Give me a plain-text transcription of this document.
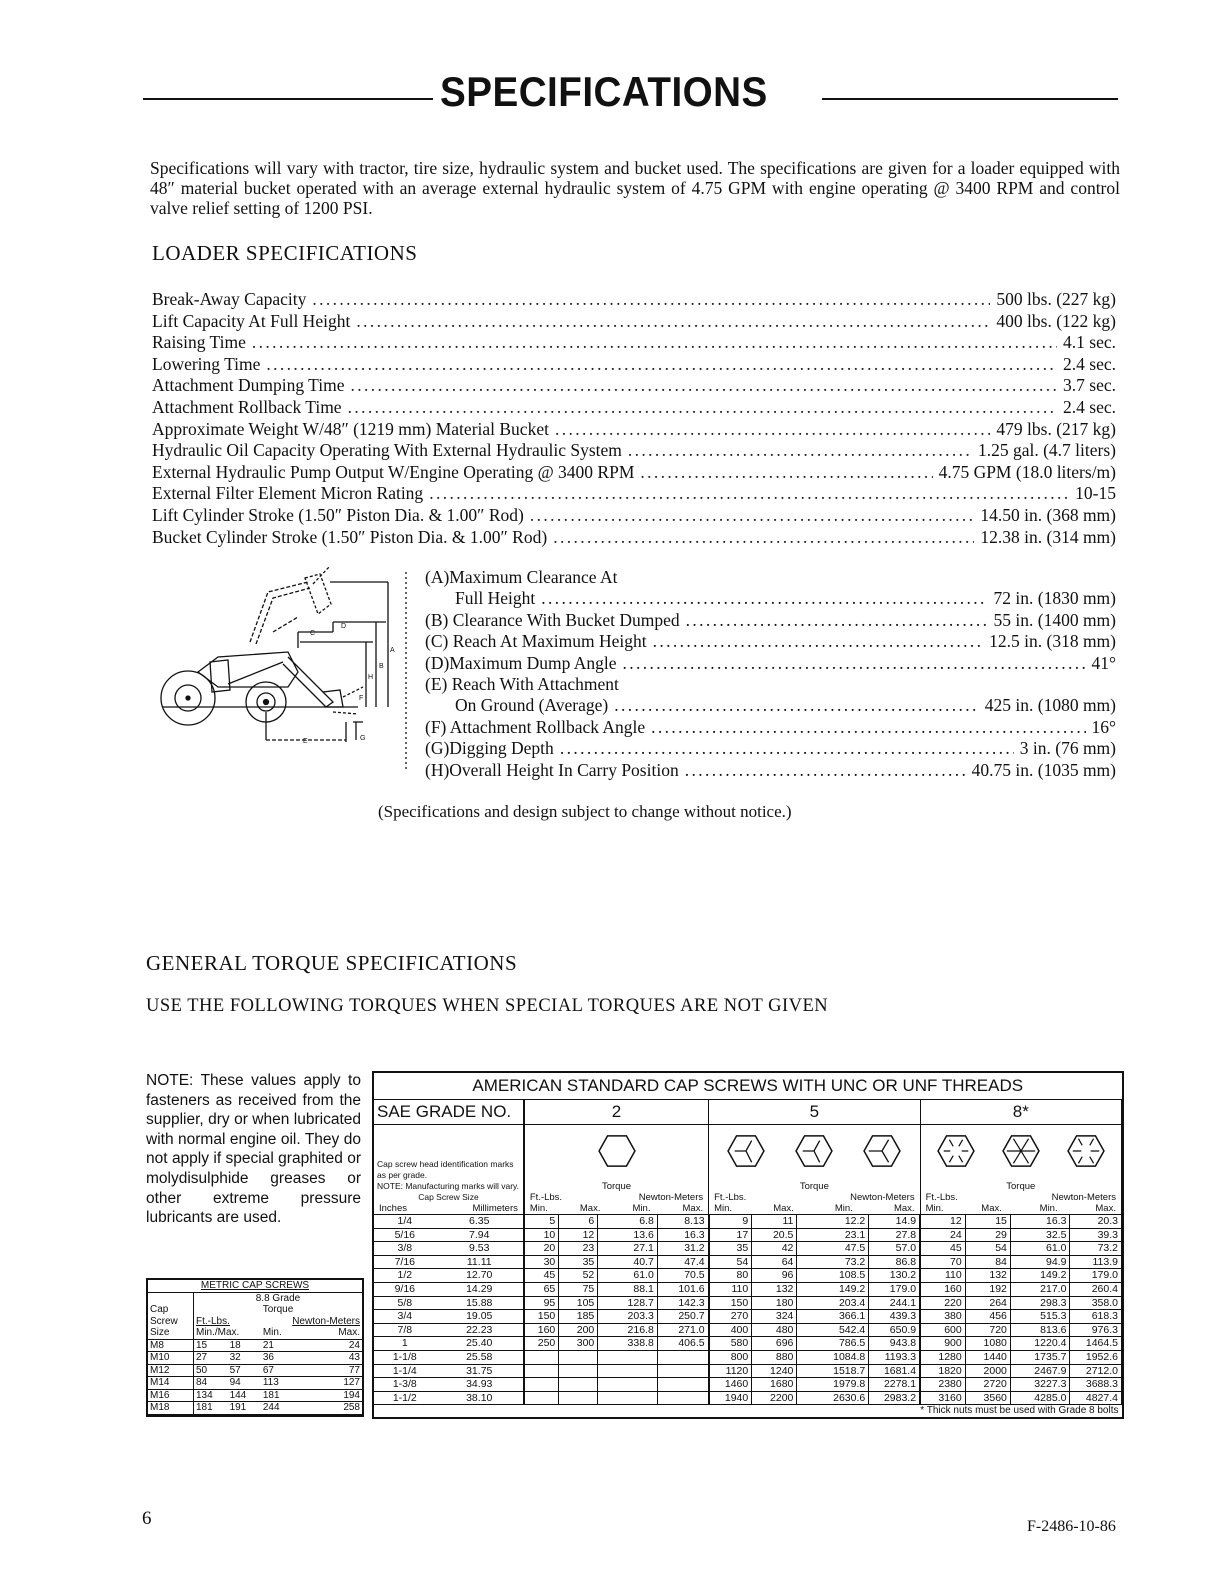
SPECIFICATIONS
Specifications will vary with tractor, tire size, hydraulic system and bucket used. The specifications are given for a loader equipped with 48″ material bucket operated with an average external hydraulic system of 4.75 GPM with engine operating @ 3400 RPM and control valve relief setting of 1200 PSI.
LOADER SPECIFICATIONS
Break-Away Capacity . . .	500 lbs. (227 kg)
Lift Capacity At Full Height . . .	400 lbs. (122 kg)
Raising Time . . .	4.1 sec.
Lowering Time . . .	2.4 sec.
Attachment Dumping Time . . .	3.7 sec.
Attachment Rollback Time . . .	2.4 sec.
Approximate Weight W/48″ (1219 mm) Material Bucket . . .	479 lbs. (217 kg)
Hydraulic Oil Capacity Operating With External Hydraulic System . . .	1.25 gal. (4.7 liters)
External Hydraulic Pump Output W/Engine Operating @ 3400 RPM . . .	4.75 GPM (18.0 liters/m)
External Filter Element Micron Rating . . .	10-15
Lift Cylinder Stroke (1.50″ Piston Dia. & 1.00″ Rod) . . .	14.50 in. (368 mm)
Bucket Cylinder Stroke (1.50″ Piston Dia. & 1.00″ Rod) . . .	12.38 in. (314 mm)
A
B
C
D
E
F
G
H
(A)Maximum Clearance At
Full Height . . .	72 in. (1830 mm)
(B) Clearance With Bucket Dumped . . .	55 in. (1400 mm)
(C) Reach At Maximum Height . . .	12.5 in. (318 mm)
(D)Maximum Dump Angle . . .	41°
(E) Reach With Attachment
On Ground (Average) . . .	425 in. (1080 mm)
(F) Attachment Rollback Angle . . .	16°
(G)Digging Depth . . .	3 in. (76 mm)
(H)Overall Height In Carry Position . . .	40.75 in. (1035 mm)
(Specifications and design subject to change without notice.)
GENERAL TORQUE SPECIFICATIONS
USE THE FOLLOWING TORQUES WHEN SPECIAL TORQUES ARE NOT GIVEN
NOTE: These values apply to fasteners as received from the supplier, dry or when lubricated with normal engine oil. They do not apply if special graphited or molydisulphide greases or other extreme pressure lubricants are used.
METRIC CAP SCREWS				
	8.8 Grade			
Cap	Torque			
Screw	Ft.-Lbs.		Newton-Meters	
Size	Min./Max.		Min.	Max.
M8	15	18	21	24
M10	27	32	36	43
M12	50	57	67	77
M14	84	94	113	127
M16	134	144	181	194
M18	181	191	244	258
AMERICAN STANDARD CAP SCREWS WITH UNC OR UNF THREADS													
SAE GRADE NO.		2				5				8*			

Cap screw head identification marks as per grade.
NOTE: Manufacturing marks will vary.
Cap Screw Size
Inches	Millimeters

Torque
Ft.-Lbs.	Newton-Meters
Min.	Max.	Min.	Max.

Torque
Ft.-Lbs.	Newton-Meters
Min.	Max.	Min.	Max.

Torque
Ft.-Lbs.	Newton-Meters
Min.	Max.	Min.	Max.

1/4	6.35	5	6	6.8	8.13	9	11	12.2	14.9	12	15	16.3	20.3
5/16	7.94	10	12	13.6	16.3	17	20.5	23.1	27.8	24	29	32.5	39.3
3/8	9.53	20	23	27.1	31.2	35	42	47.5	57.0	45	54	61.0	73.2
7/16	11.11	30	35	40.7	47.4	54	64	73.2	86.8	70	84	94.9	113.9
1/2	12.70	45	52	61.0	70.5	80	96	108.5	130.2	110	132	149.2	179.0
9/16	14.29	65	75	88.1	101.6	110	132	149.2	179.0	160	192	217.0	260.4
5/8	15.88	95	105	128.7	142.3	150	180	203.4	244.1	220	264	298.3	358.0
3/4	19.05	150	185	203.3	250.7	270	324	366.1	439.3	380	456	515.3	618.3
7/8	22.23	160	200	216.8	271.0	400	480	542.4	650.9	600	720	813.6	976.3
1	25.40	250	300	338.8	406.5	580	696	786.5	943.8	900	1080	1220.4	1464.5
1-1/8	25.58					800	880	1084.8	1193.3	1280	1440	1735.7	1952.6
1-1/4	31.75					1120	1240	1518.7	1681.4	1820	2000	2467.9	2712.0
1-3/8	34.93					1460	1680	1979.8	2278.1	2380	2720	3227.3	3688.3
1-1/2	38.10					1940	2200	2630.6	2983.2	3160	3560	4285.0	4827.4
* Thick nuts must be used with Grade 8 bolts													
6	F-2486-10-86
